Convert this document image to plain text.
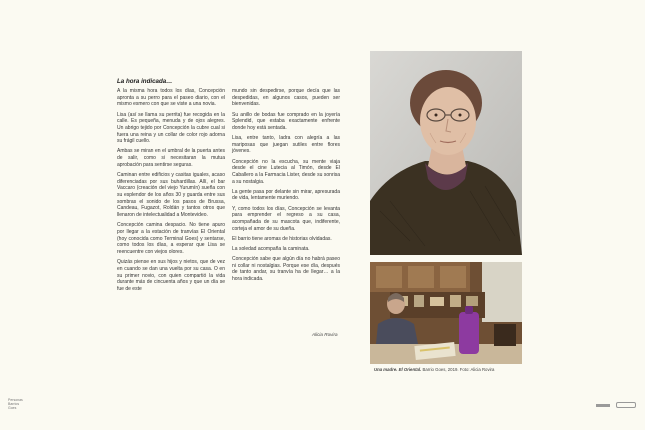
La hora indicada…

A la misma hora todos los días, Concepción apronta a su perro para el paseo diario, con el mismo esmero con que se viste a una novia.

Lisa (así se llama su perrita) fue recogida en la calle. Es pequeña, menuda y de ojos alegres. Un abrigo tejido por Concepción la cubre cual si fuera una reina y un collar de color rojo adorna su frágil cuello.

Ambas se miran en el umbral de la puerta antes de salir, como si necesitaran la mutua aprobación para sentirse seguras.

Caminan entre edificios y casitas iguales, acaso diferenciadas por sus buhardillas. Allí, el bar Vaccaro (creación del viejo Yurumín) sueña con su esplendor de los años 30 y guarda entre sus sombras el sonido de los pasos de Brussa, Candeau, Fugazot, Roldán y tantos otros que llenaron de intelectualidad a Montevideo.

Concepción camina despacio. No tiene apuro por llegar a la estación de tranvías El Oriental (hoy conocida como Terminal Goes) y sentarse, como todos los días, a esperar que Lisa se reencuentre con viejos olores.

Quizás piense en sus hijos y nietos, que de vez en cuando se dan una vuelta por su casa. O en su primer novio, con quien compartió la vida durante más de cincuenta años y que un día se fue de este

mundo sin despedirse, porque decía que las despedidas, en algunos casos, pueden ser bienvenidas.

Su anillo de bodas fue comprado en la joyería Splendid, que estaba exactamente enfrente donde hoy está sentada.

Lisa, entre tanto, ladra con alegría a las mariposas que juegan sutiles entre flores jóvenes.

Concepción no la escucha, su mente viaja desde el cine Lutecia al Timón, desde El Caballero a la Farmacia Lister, desde su sonrisa a su nostalgia.

La gente pasa por delante sin mirar, apresurada de vida, lentamente muriendo.

Y, como todos los días, Concepción se levanta para emprender el regreso a su casa, acompañada de su mascota que, indiferente, corteja el amor de su dueña.

El barrio tiene aromas de historias olvidadas.

La soledad acompaña la caminata.

Concepción sabe que algún día no habrá paseo ni collar ni nostalgias. Porque ese día, después de tanto andar, su tranvía ha de llegar… a la hora indicada.

Alicia Rovira
Una madre. El Oriental. Barrio Goes, 2019. Foto: Alicia Rovira
Personas
Barrios
Goes
